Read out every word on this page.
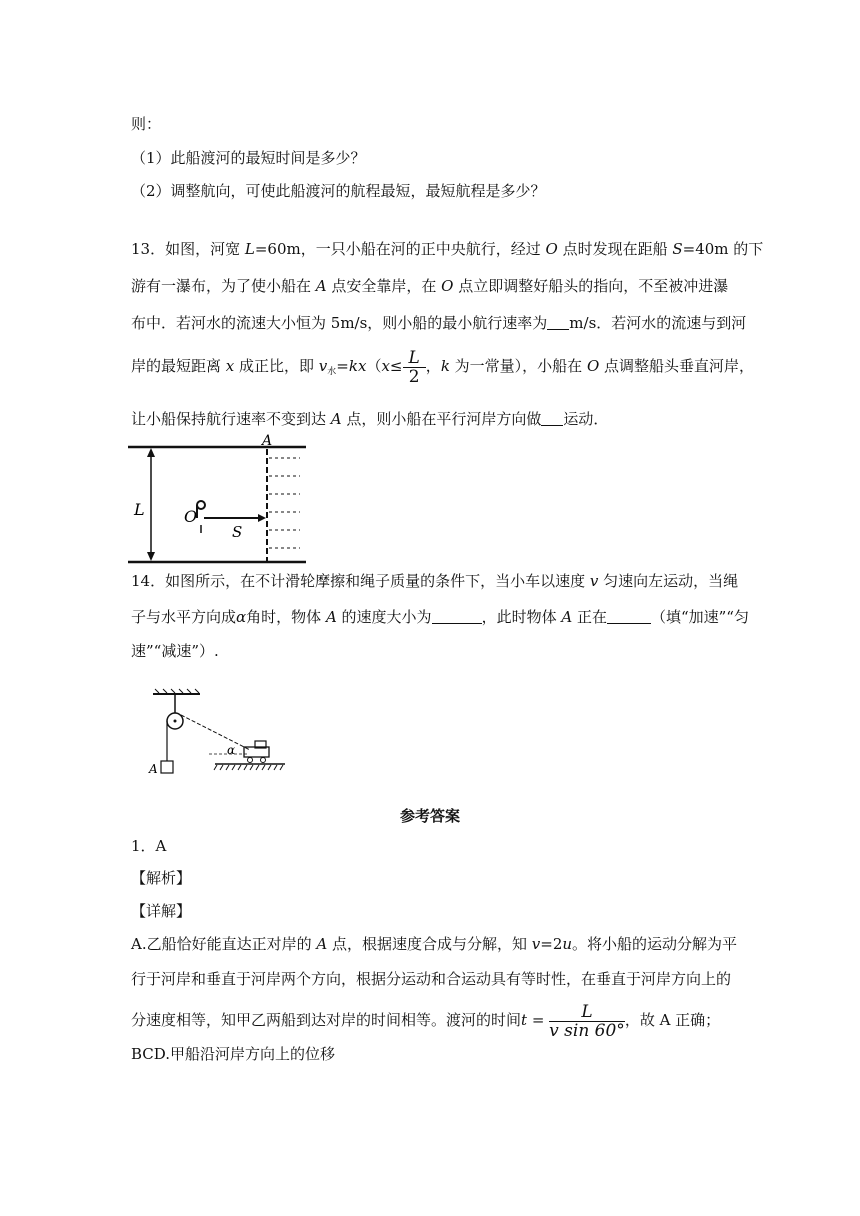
则：
（1）此船渡河的最短时间是多少？
（2）调整航向，可使此船渡河的航程最短，最短航程是多少？
13．如图，河宽 L=60m，一只小船在河的正中央航行，经过 O 点时发现在距船 S=40m 的下
游有一瀑布，为了使小船在 A 点安全靠岸，在 O 点立即调整好船头的指向，不至被冲进瀑
布中．若河水的流速大小恒为 5m/s，则小船的最小航行速率为 m/s．若河水的流速与到河
岸的最短距离 x 成正比，即 $v_水=kx(x\le \frac{L}{2}$ ，k 为一常量），小船在 O 点调整船头垂直河岸，
让小船保持航行速率不变到达 A 点，则小船在平行河岸方向做 运动．
L
A
O
S
14．如图所示，在不计滑轮摩擦和绳子质量的条件下，当小车以速度 v 匀速向左运动，当绳
子与水平方向成α角时，物体 A 的速度大小为	，此时物体 A 正在	（填“加速”“匀
速”“减速”）.
A
α
参考答案
1．A
【解析】
【详解】
A.乙船恰好能直达正对岸的 A 点，根据速度合成与分解，知 v=2u。将小船的运动分解为平
行于河岸和垂直于河岸两个方向，根据分运动和合运动具有等时性，在垂直于河岸方向上的
分速度相等，知甲乙两船到达对岸的时间相等。渡河的时间$t = \frac{L}{\text{v sin 60°}}$ ，故 A 正确；
BCD.甲船沿河岸方向上的位移
